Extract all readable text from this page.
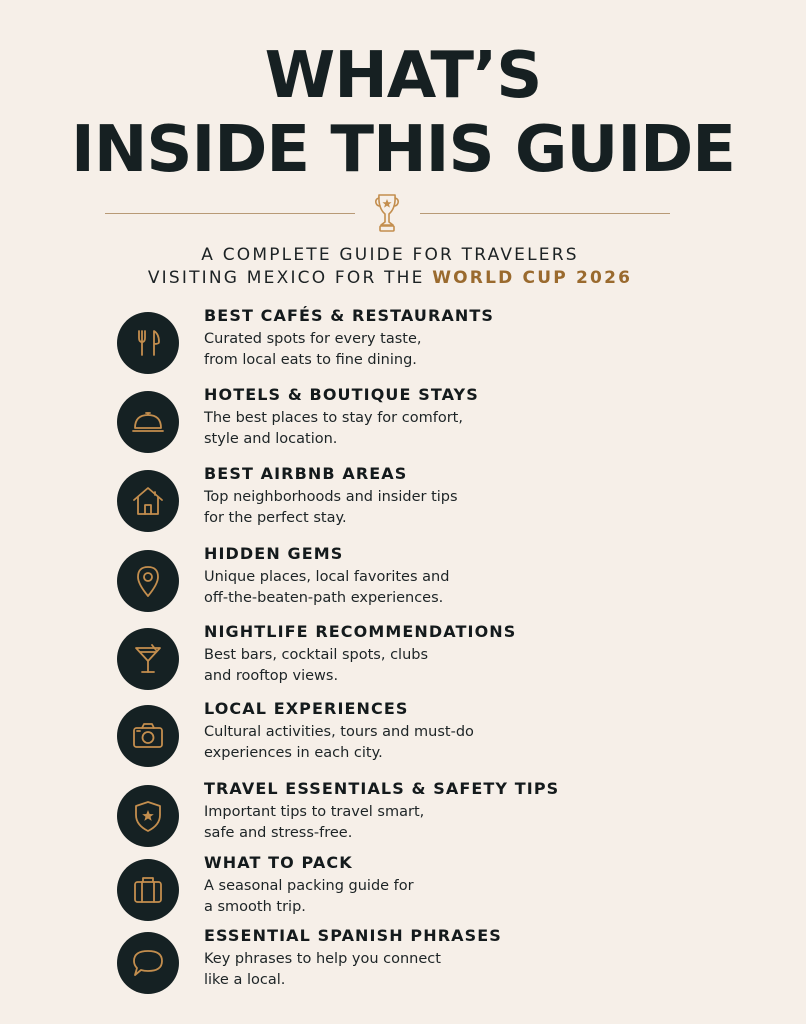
WHAT’S
INSIDE THIS GUIDE
A COMPLETE GUIDE FOR TRAVELERS
VISITING MEXICO FOR THE WORLD CUP 2026
BEST CAFÉS & RESTAURANTS
Curated spots for every taste,
from local eats to fine dining.
HOTELS & BOUTIQUE STAYS
The best places to stay for comfort,
style and location.
BEST AIRBNB AREAS
Top neighborhoods and insider tips
for the perfect stay.
HIDDEN GEMS
Unique places, local favorites and
off-the-beaten-path experiences.
NIGHTLIFE RECOMMENDATIONS
Best bars, cocktail spots, clubs
and rooftop views.
LOCAL EXPERIENCES
Cultural activities, tours and must-do
experiences in each city.
TRAVEL ESSENTIALS & SAFETY TIPS
Important tips to travel smart,
safe and stress-free.
WHAT TO PACK
A seasonal packing guide for
a smooth trip.
ESSENTIAL SPANISH PHRASES
Key phrases to help you connect
like a local.
